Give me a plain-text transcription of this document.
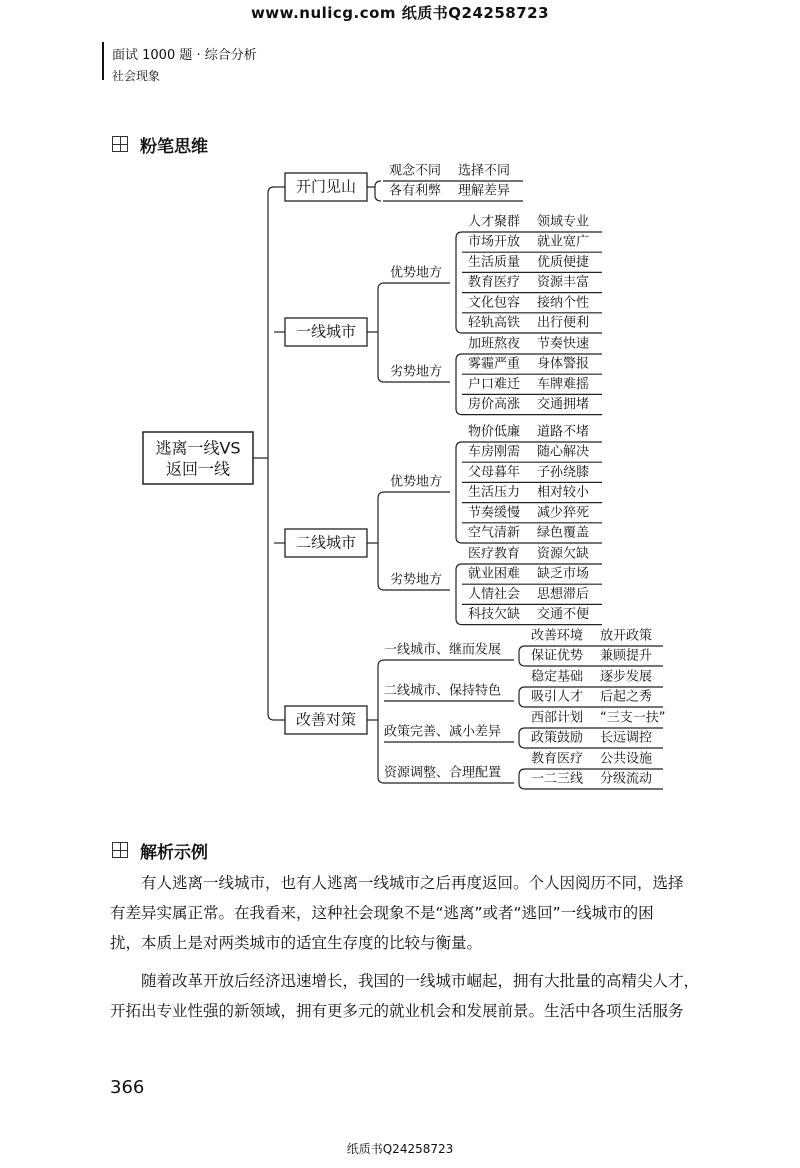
www.nulicg.com 纸质书Q24258723
面试 1000 题 · 综合分析
社会现象
粉笔思维
逃离一线VS
返回一线
开门见山
一线城市
二线城市
改善对策
观念不同 选择不同
各有利弊 理解差异
优势地方
人才聚群 领域专业
市场开放 就业宽广
生活质量 优质便捷
教育医疗 资源丰富
文化包容 接纳个性
轻轨高铁 出行便利
劣势地方
加班熬夜 节奏快速
雾霾严重 身体警报
户口难迁 车牌难摇
房价高涨 交通拥堵
优势地方
物价低廉 道路不堵
车房刚需 随心解决
父母暮年 子孙绕膝
生活压力 相对较小
节奏缓慢 减少猝死
空气清新 绿色覆盖
劣势地方
医疗教育 资源欠缺
就业困难 缺乏市场
人情社会 思想滞后
科技欠缺 交通不便
一线城市、继而发展
改善环境 放开政策
保证优势 兼顾提升
二线城市、保持特色
稳定基础 逐步发展
吸引人才 后起之秀
政策完善、减小差异
西部计划 “三支一扶”
政策鼓励 长远调控
资源调整、合理配置
教育医疗 公共设施
一二三线 分级流动
解析示例
有人逃离一线城市，也有人逃离一线城市之后再度返回。个人因阅历不同，选择
有差异实属正常。在我看来，这种社会现象不是“逃离”或者“逃回”一线城市的困
扰，本质上是对两类城市的适宜生存度的比较与衡量。
随着改革开放后经济迅速增长，我国的一线城市崛起，拥有大批量的高精尖人才，
开拓出专业性强的新领域，拥有更多元的就业机会和发展前景。生活中各项生活服务
366
纸质书Q24258723
